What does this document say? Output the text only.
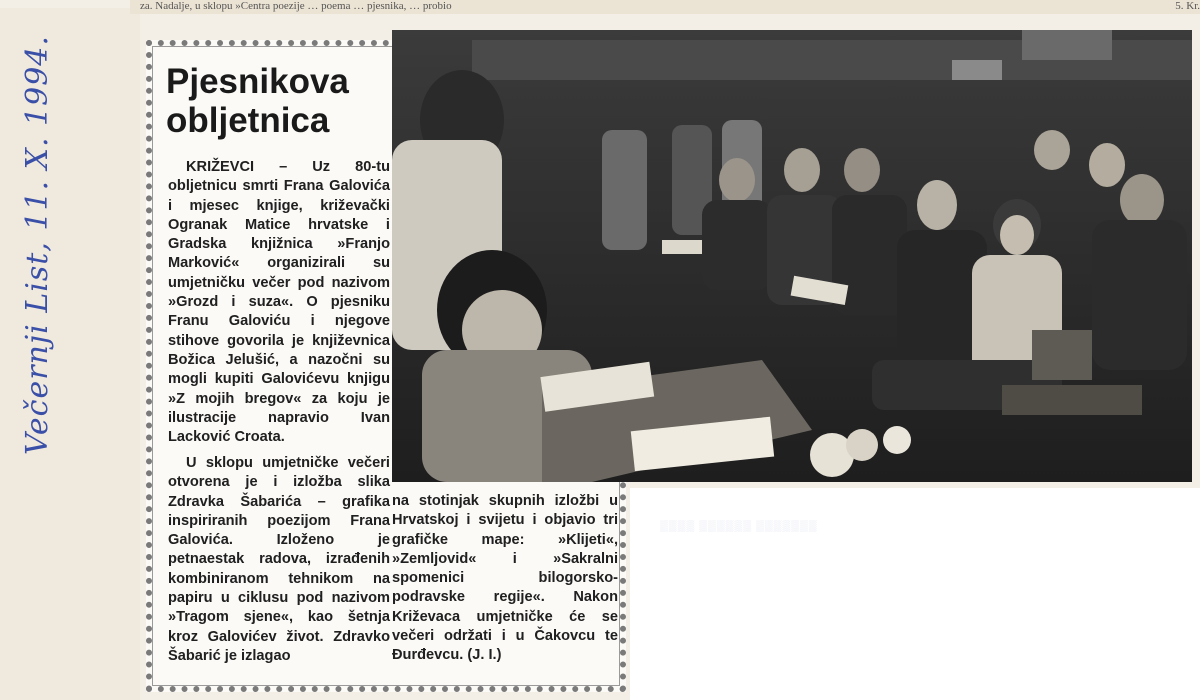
za. Nadalje, u sklopu »Centra poezije … poema … pjesnika, … probio	5. Kr.
Večernji List, 11. X. 1994.
▒▒▒▒ ▒▒▒▒▒▒ ▒▒▒▒▒▒▒
Pjesnikova obljetnica

KRIŽEVCI – Uz 80-tu obljetnicu smrti Frana Galovića i mjesec knjige, križevački Ogranak Matice hrvatske i Gradska knjižnica »Franjo Marković« organizirali su umjetničku večer pod nazivom »Grozd i suza«. O pjesniku Franu Galoviću i njegove stihove govorila je književnica Božica Jelušić, a nazočni su mogli kupiti Galovićevu knjigu »Z mojih bregov« za koju je ilustracije napravio Ivan Lacković Croata.

U sklopu umjetničke večeri otvorena je i izložba slika Zdravka Šabarića – grafika inspiriranih poezijom Frana Galovića. Izloženo je petnaestak radova, izrađenih kombiniranom tehnikom na papiru u ciklusu pod nazivom »Tragom sjene«, kao šetnja kroz Galovićev život. Zdravko Šabarić je izlagao

na stotinjak skupnih izložbi u Hrvatskoj i svijetu i objavio tri grafičke mape: »Klijeti«, »Zemljovid« i »Sakralni spomenici bilogorsko-podravske regije«. Nakon Križevaca umjetničke će se večeri održati i u Čakovcu te Đurđevcu. (J. I.)
